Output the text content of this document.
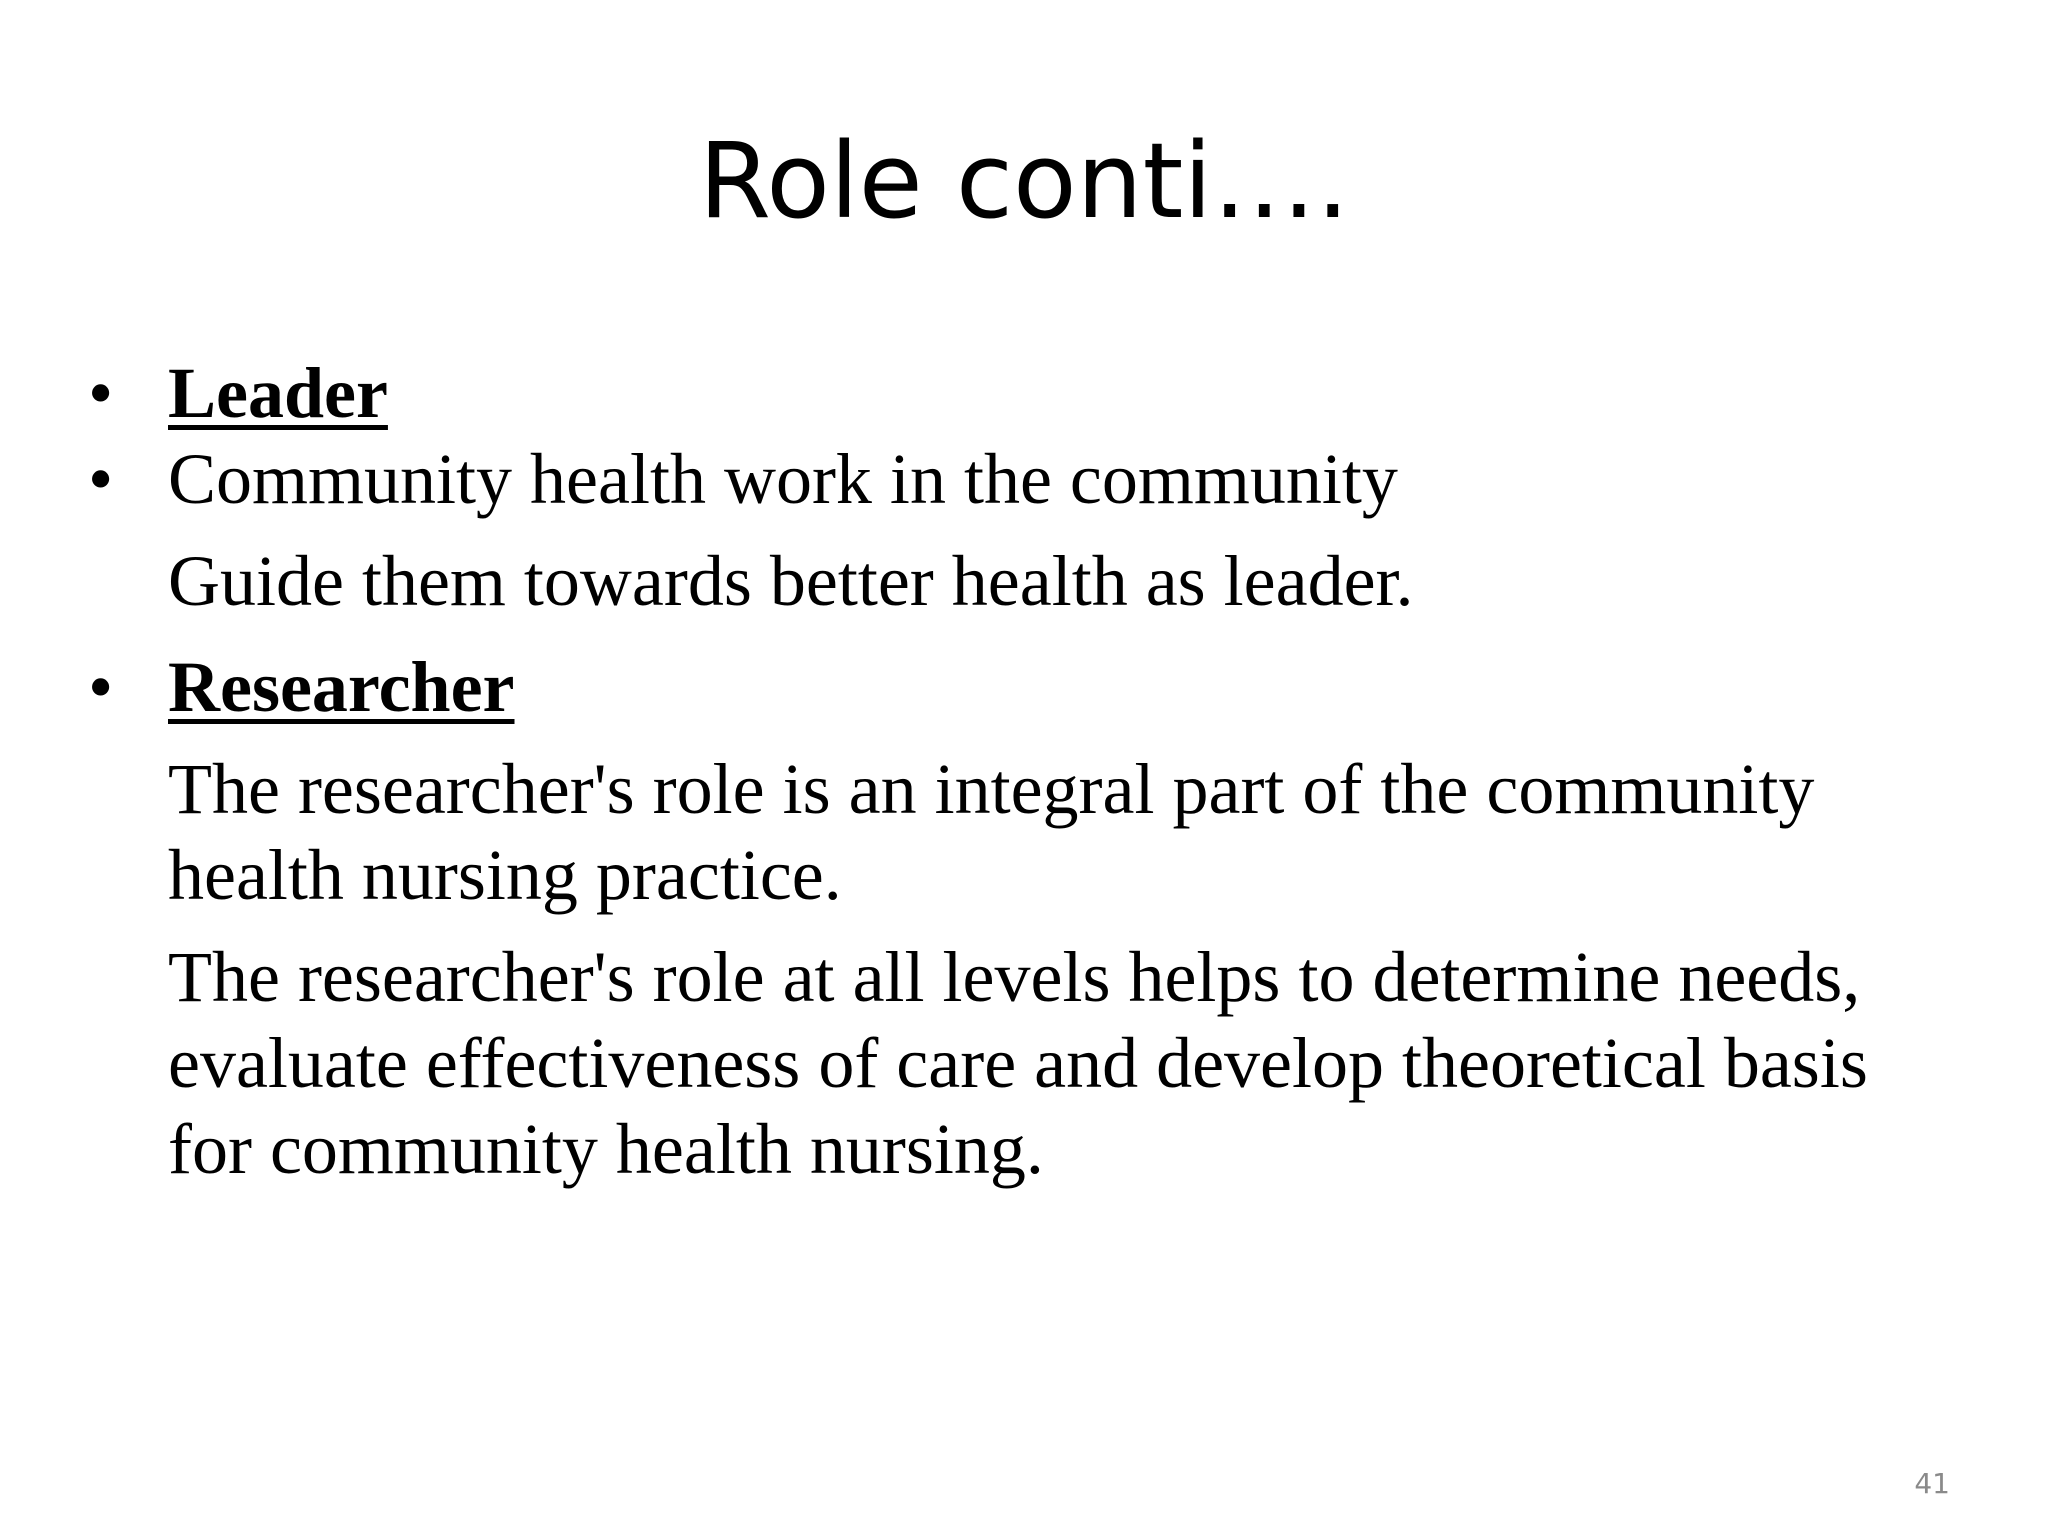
Role conti….
• Leader
• Community health work in the community
Guide them towards better health as leader.
• Researcher
The researcher's role is an integral part of the community health nursing practice.
The researcher's role at all levels helps to determine needs, evaluate effectiveness of care and develop theoretical basis for community health nursing.
41
